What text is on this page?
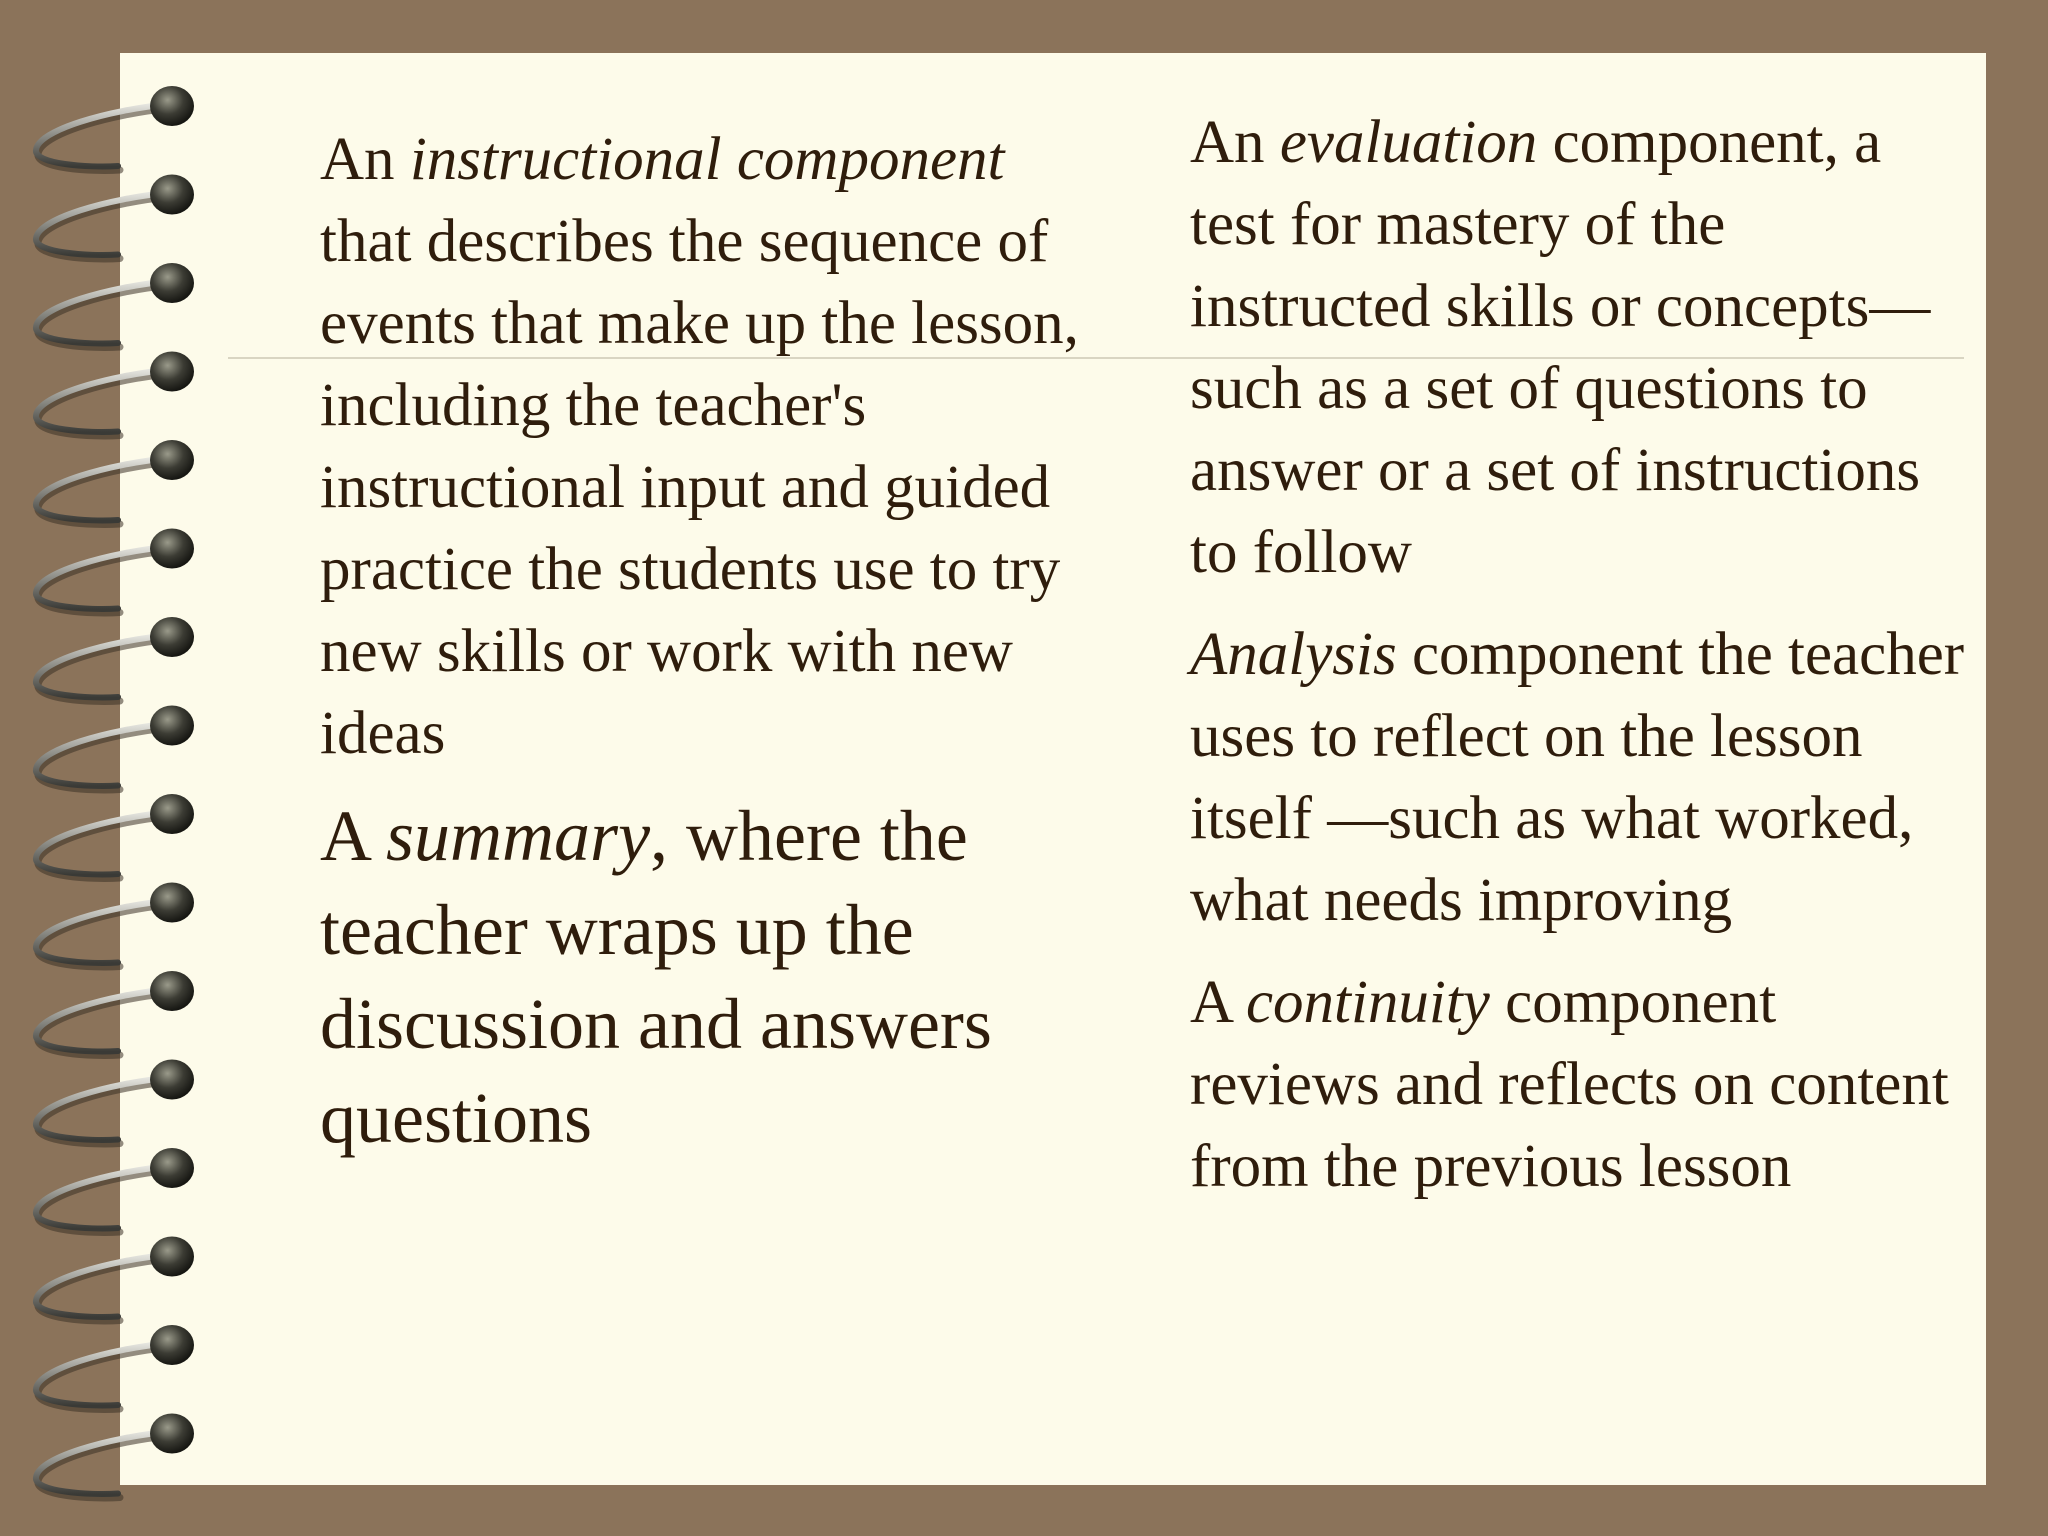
An instructional component that describes the sequence of events that make up the lesson, including the teacher's instructional input and guided practice the students use to try new skills or work with new ideas

A summary, where the teacher wraps up the discussion and answers questions

An evaluation component, a test for mastery of the instructed skills or concepts—such as a set of questions to answer or a set of instructions to follow

Analysis component the teacher uses to reflect on the lesson itself —such as what worked, what needs improving

A continuity component reviews and reflects on content from the previous lesson
